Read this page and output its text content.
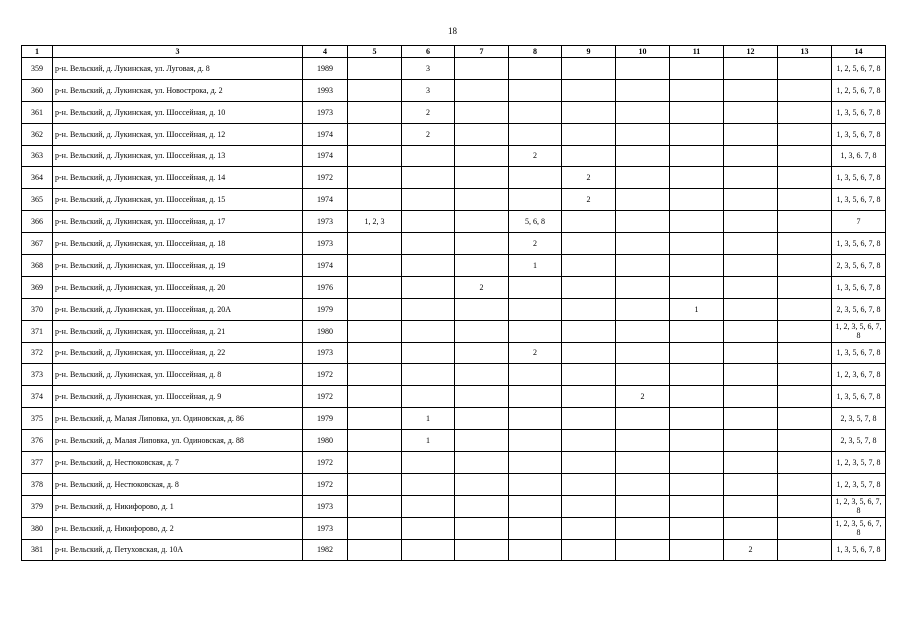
18
1	3	4	5	6	7	8	9	10	11	12	13	14
359	р-н. Вельский, д. Лукинская, ул. Луговая, д. 8	1989		3								1, 2, 5, 6, 7, 8
360	р-н. Вельский, д. Лукинская, ул. Новострока, д. 2	1993		3								1, 2, 5, 6, 7, 8
361	р-н. Вельский, д. Лукинская, ул. Шоссейная, д. 10	1973		2								1, 3, 5, 6, 7, 8
362	р-н. Вельский, д. Лукинская, ул. Шоссейная, д. 12	1974		2								1, 3, 5, 6, 7, 8
363	р-н. Вельский, д. Лукинская, ул. Шоссейная, д. 13	1974				2						1, 3, 6. 7, 8
364	р-н. Вельский, д. Лукинская, ул. Шоссейная, д. 14	1972					2					1, 3, 5, 6, 7, 8
365	р-н. Вельский, д. Лукинская, ул. Шоссейная, д. 15	1974					2					1, 3, 5, 6, 7, 8
366	р-н. Вельский, д. Лукинская, ул. Шоссейная, д. 17	1973	1, 2, 3			5, 6, 8						7
367	р-н. Вельский, д. Лукинская, ул. Шоссейная, д. 18	1973				2						1, 3, 5, 6, 7, 8
368	р-н. Вельский, д. Лукинская, ул. Шоссейная, д. 19	1974				1						2, 3, 5, 6, 7, 8
369	р-н. Вельский, д. Лукинская, ул. Шоссейная, д. 20	1976			2							1, 3, 5, 6, 7, 8
370	р-н. Вельский, д. Лукинская, ул. Шоссейная, д. 20А	1979							1			2, 3, 5, 6, 7, 8
371	р-н. Вельский, д. Лукинская, ул. Шоссейная, д. 21	1980										1, 2, 3, 5, 6, 7, 8
372	р-н. Вельский, д. Лукинская, ул. Шоссейная, д. 22	1973				2						1, 3, 5, 6, 7, 8
373	р-н. Вельский, д. Лукинская, ул. Шоссейная, д. 8	1972										1, 2, 3, 6, 7, 8
374	р-н. Вельский, д. Лукинская, ул. Шоссейная, д. 9	1972						2				1, 3, 5, 6, 7, 8
375	р-н. Вельский, д. Малая Липовка, ул. Одиновская, д. 86	1979		1								2, 3, 5, 7, 8
376	р-н. Вельский, д. Малая Липовка, ул. Одиновская, д. 88	1980		1								2, 3, 5, 7, 8
377	р-н. Вельский, д. Нестюковская, д. 7	1972										1, 2, 3, 5, 7, 8
378	р-н. Вельский, д. Нестюковская, д. 8	1972										1, 2, 3, 5, 7, 8
379	р-н. Вельский, д. Никифорово, д. 1	1973										1, 2, 3, 5, 6, 7, 8
380	р-н. Вельский, д. Никифорово, д. 2	1973										1, 2, 3, 5, 6, 7, 8
381	р-н. Вельский, д. Петуховская, д. 10А	1982								2		1, 3, 5, 6, 7, 8
